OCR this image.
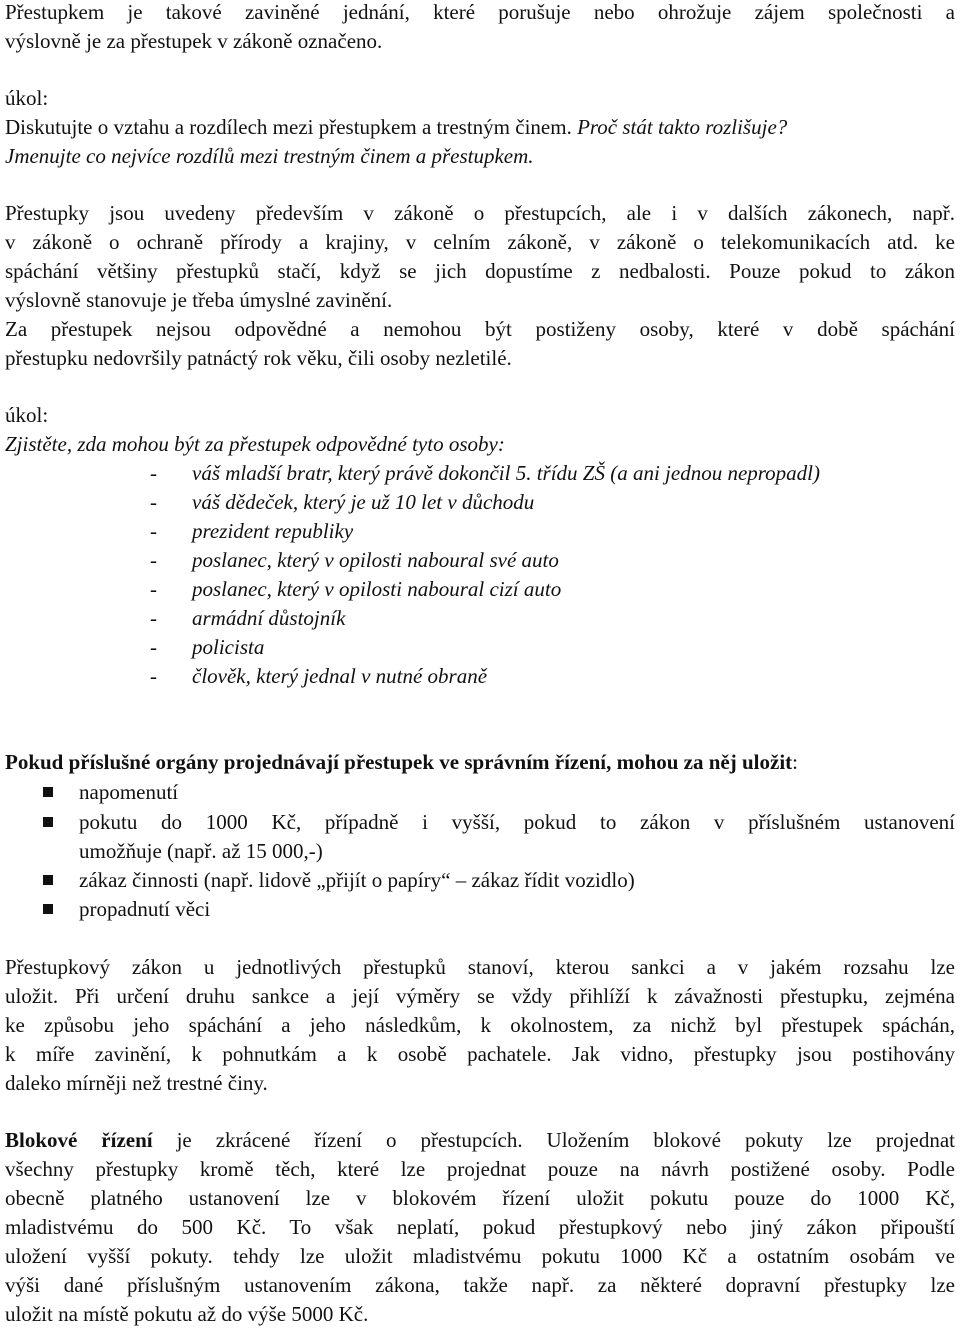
Přestupkem je takové zaviněné jednání, které porušuje nebo ohrožuje zájem společnosti a
výslovně je za přestupek v zákoně označeno.
úkol:
Diskutujte o vztahu a rozdílech mezi přestupkem a trestným činem. Proč stát takto rozlišuje?
Jmenujte co nejvíce rozdílů mezi trestným činem a přestupkem.
Přestupky jsou uvedeny především v zákoně o přestupcích, ale i v dalších zákonech, např.
v zákoně o ochraně přírody a krajiny, v celním zákoně, v zákoně o telekomunikacích atd. ke
spáchání většiny přestupků stačí, když se jich dopustíme z nedbalosti. Pouze pokud to zákon
výslovně stanovuje je třeba úmyslné zavinění.
Za přestupek nejsou odpovědné a nemohou být postiženy osoby, které v době spáchání
přestupku nedovršily patnáctý rok věku, čili osoby nezletilé.
úkol:
Zjistěte, zda mohou být za přestupek odpovědné tyto osoby:
- váš mladší bratr, který právě dokončil 5. třídu ZŠ (a ani jednou nepropadl)
- váš dědeček, který je už 10 let v důchodu
- prezident republiky
- poslanec, který v opilosti naboural své auto
- poslanec, který v opilosti naboural cizí auto
- armádní důstojník
- policista
- člověk, který jednal v nutné obraně
Pokud příslušné orgány projednávají přestupek ve správním řízení, mohou za něj uložit:
napomenutí
pokutu do 1000 Kč, případně i vyšší, pokud to zákon v příslušném ustanovení
umožňuje (např. až 15 000,-)
zákaz činnosti (např. lidově „přijít o papíry“ – zákaz řídit vozidlo)
propadnutí věci
Přestupkový zákon u jednotlivých přestupků stanoví, kterou sankci a v jakém rozsahu lze
uložit. Při určení druhu sankce a její výměry se vždy přihlíží k závažnosti přestupku, zejména
ke způsobu jeho spáchání a jeho následkům, k okolnostem, za nichž byl přestupek spáchán,
k míře zavinění, k pohnutkám a k osobě pachatele. Jak vidno, přestupky jsou postihovány
daleko mírněji než trestné činy.
Blokové řízení je zkrácené řízení o přestupcích. Uložením blokové pokuty lze projednat
všechny přestupky kromě těch, které lze projednat pouze na návrh postižené osoby. Podle
obecně platného ustanovení lze v blokovém řízení uložit pokutu pouze do 1000 Kč,
mladistvému do 500 Kč. To však neplatí, pokud přestupkový nebo jiný zákon připouští
uložení vyšší pokuty. tehdy lze uložit mladistvému pokutu 1000 Kč a ostatním osobám ve
výši dané příslušným ustanovením zákona, takže např. za některé dopravní přestupky lze
uložit na místě pokutu až do výše 5000 Kč.
